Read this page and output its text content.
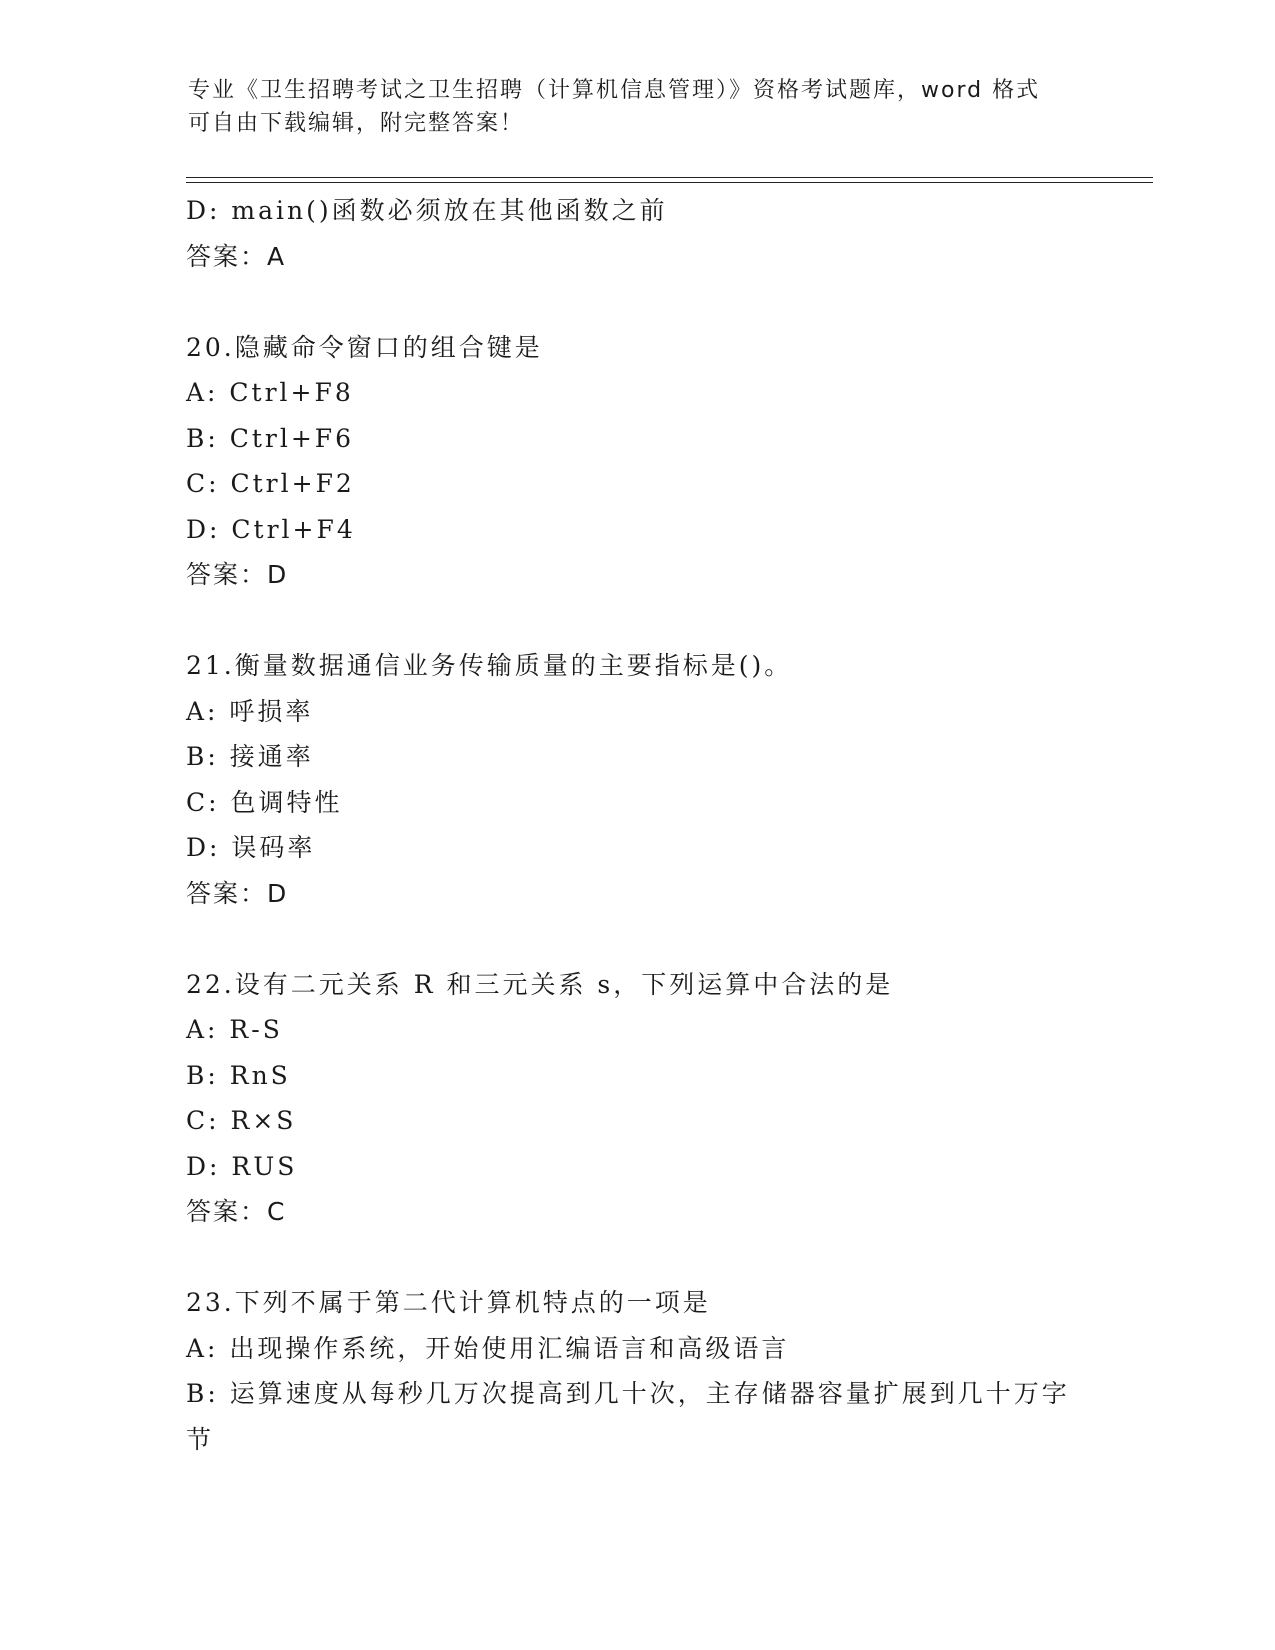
专业《卫生招聘考试之卫生招聘（计算机信息管理）》资格考试题库，word 格式
可自由下载编辑，附完整答案！
D: main()函数必须放在其他函数之前
答案：A
20.隐藏命令窗口的组合键是
A: Ctrl+F8
B: Ctrl+F6
C: Ctrl+F2
D: Ctrl+F4
答案：D
21.衡量数据通信业务传输质量的主要指标是()。
A: 呼损率
B: 接通率
C: 色调特性
D: 误码率
答案：D
22.设有二元关系 R 和三元关系 s，下列运算中合法的是
A: R-S
B: RnS
C: R×S
D: RUS
答案：C
23.下列不属于第二代计算机特点的一项是
A: 出现操作系统，开始使用汇编语言和高级语言
B: 运算速度从每秒几万次提高到几十次，主存储器容量扩展到几十万字节
